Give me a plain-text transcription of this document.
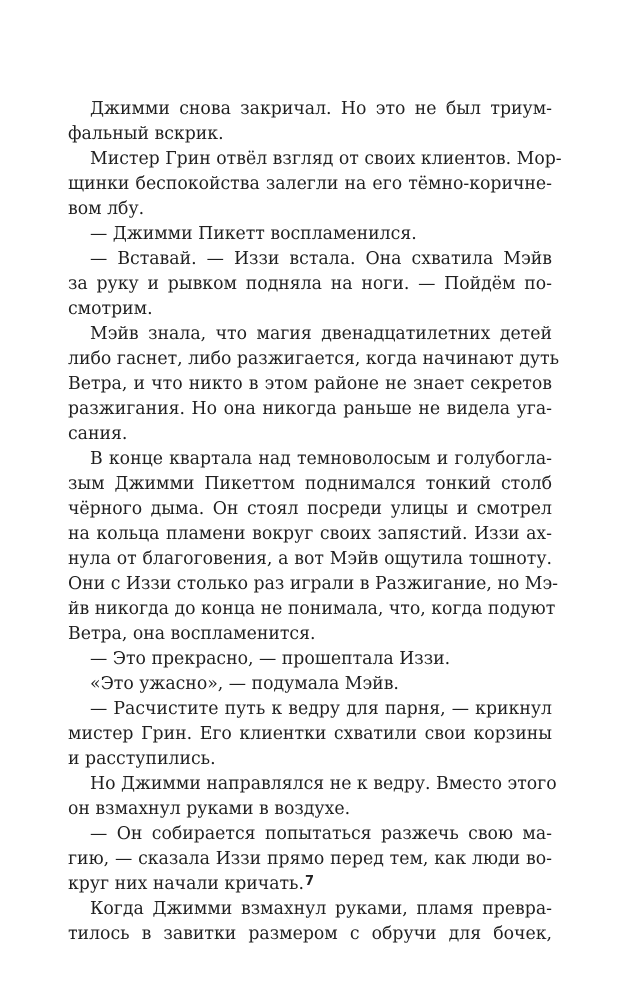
Джимми снова закричал. Но это не был триум-
фальный вскрик.
Мистер Грин отвёл взгляд от своих клиентов. Мор-
щинки беспокойства залегли на его тёмно-коричне-
вом лбу.
— Джимми Пикетт воспламенился.
— Вставай. — Иззи встала. Она схватила Мэйв
за руку и рывком подняла на ноги. — Пойдём по-
смотрим.
Мэйв знала, что магия двенадцатилетних детей
либо гаснет, либо разжигается, когда начинают дуть
Ветра, и что никто в этом районе не знает секретов
разжигания. Но она никогда раньше не видела уга-
сания.
В конце квартала над темноволосым и голубогла-
зым Джимми Пикеттом поднимался тонкий столб
чёрного дыма. Он стоял посреди улицы и смотрел
на кольца пламени вокруг своих запястий. Иззи ах-
нула от благоговения, а вот Мэйв ощутила тошноту.
Они с Иззи столько раз играли в Разжигание, но Мэ-
йв никогда до конца не понимала, что, когда подуют
Ветра, она воспламенится.
— Это прекрасно, — прошептала Иззи.
«Это ужасно», — подумала Мэйв.
— Расчистите путь к ведру для парня, — крикнул
мистер Грин. Его клиентки схватили свои корзины
и расступились.
Но Джимми направлялся не к ведру. Вместо этого
он взмахнул руками в воздухе.
— Он собирается попытаться разжечь свою ма-
гию, — сказала Иззи прямо перед тем, как люди во-
круг них начали кричать.
Когда Джимми взмахнул руками, пламя превра-
тилось в завитки размером с обручи для бочек,
7
